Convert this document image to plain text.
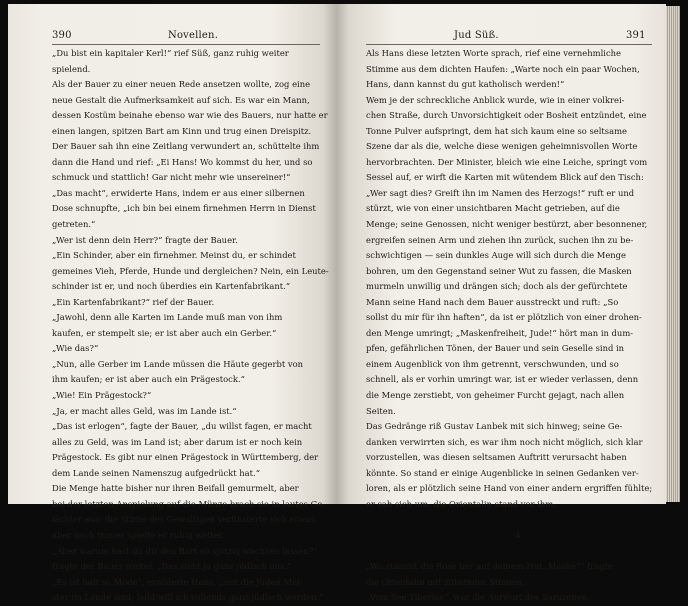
390	Novellen.
„Du bist ein kapitaler Kerl!“ rief Süß, ganz ruhig weiter
spielend.
Als der Bauer zu einer neuen Rede ansetzen wollte, zog eine
neue Gestalt die Aufmerksamkeit auf sich. Es war ein Mann,
dessen Kostüm beinahe ebenso war wie des Bauers, nur hatte er
einen langen, spitzen Bart am Kinn und trug einen Dreispitz.
Der Bauer sah ihn eine Zeitlang verwundert an, schüttelte ihm
dann die Hand und rief: „Ei Hans! Wo kommst du her, und so
schmuck und stattlich! Gar nicht mehr wie unsereiner!“
„Das macht“, erwiderte Hans, indem er aus einer silbernen
Dose schnupfte, „ich bin bei einem firnehmen Herrn in Dienst
getreten.“
„Wer ist denn dein Herr?“ fragte der Bauer.
„Ein Schinder, aber ein firnehmer. Meinst du, er schindet
gemeines Vieh, Pferde, Hunde und dergleichen? Nein, ein Leute-
schinder ist er, und noch überdies ein Kartenfabrikant.“
„Ein Kartenfabrikant?“ rief der Bauer.
„Jawohl, denn alle Karten im Lande muß man von ihm
kaufen, er stempelt sie; er ist aber auch ein Gerber.“
„Wie das?“
„Nun, alle Gerber im Lande müssen die Häute gegerbt von
ihm kaufen; er ist aber auch ein Prägestock.“
„Wie! Ein Prägestock?“
„Ja, er macht alles Geld, was im Lande ist.“
„Das ist erlogen“, fagte der Bauer, „du willst fagen, er macht
alles zu Geld, was im Land ist; aber darum ist er noch kein
Prägestock. Es gibt nur einen Prägestock in Württemberg, der
dem Lande seinen Namenszug aufgedrückt hat.“
Die Menge hatte bisher nur ihren Beifall gemurmelt, aber
bei der letzten Anspielung auf die Münze brach sie in lautes Ge-
lächter aus; die Stirne des Gewaltigen verfinsterte sich etwas,
aber noch immer spielte er ruhig weiter.
„Aber warum hast du dir den Bart so spitzig wachsen lassen?“
fragte der Bauer weiter. „Das sieht ja ganz jüdisch aus.“
„Es ist halt so Mode“, erwiderte Hans, „seit die Juden Mei-
ster im Lande sind; bald will ich vollends ganz jüdisch werden.“
Jud Süß.	391
Als Hans diese letzten Worte sprach, rief eine vernehmliche
Stimme aus dem dichten Haufen: „Warte noch ein paar Wochen,
Hans, dann kannst du gut katholisch werden!“
Wem je der schreckliche Anblick wurde, wie in einer volkrei-
chen Straße, durch Unvorsichtigkeit oder Bosheit entzündet, eine
Tonne Pulver aufspringt, dem hat sich kaum eine so seltsame
Szene dar als die, welche diese wenigen geheimnisvollen Worte
hervorbrachten. Der Minister, bleich wie eine Leiche, springt vom
Sessel auf, er wirft die Karten mit wütendem Blick auf den Tisch:
„Wer sagt dies? Greift ihn im Namen des Herzogs!“ ruft er und
stürzt, wie von einer unsichtbaren Macht getrieben, auf die
Menge; seine Genossen, nicht weniger bestürzt, aber besonnener,
ergreifen seinen Arm und ziehen ihn zurück, suchen ihn zu be-
schwichtigen — sein dunkles Auge will sich durch die Menge
bohren, um den Gegenstand seiner Wut zu fassen, die Masken
murmeln unwillig und drängen sich; doch als der gefürchtete
Mann seine Hand nach dem Bauer ausstreckt und ruft: „So
sollst du mir für ihn haften“, da ist er plötzlich von einer drohen-
den Menge umringt; „Maskenfreiheit, Jude!“ hört man in dum-
pfen, gefährlichen Tönen, der Bauer und sein Geselle sind in
einem Augenblick von ihm getrennt, verschwunden, und so
schnell, als er vorhin umringt war, ist er wieder verlassen, denn
die Menge zerstiebt, von geheimer Furcht gejagt, nach allen
Seiten.
Das Gedränge riß Gustav Lanbek mit sich hinweg; seine Ge-
danken verwirrten sich, es war ihm noch nicht möglich, sich klar
vorzustellen, was diesen seltsamen Auftritt verursacht haben
könnte. So stand er einige Augenblicke in seinen Gedanken ver-
loren, als er plötzlich seine Hand von einer andern ergriffen fühlte;
er sah sich um, die Orientalin stand vor ihm.

4.

„Wo stammt die Rose her auf deinem Hut, Maske?“ fragte
die Orientalin mit zitternder Stimme.
„Vom See Tiberias“, war die Antwort des Sarazenen.
